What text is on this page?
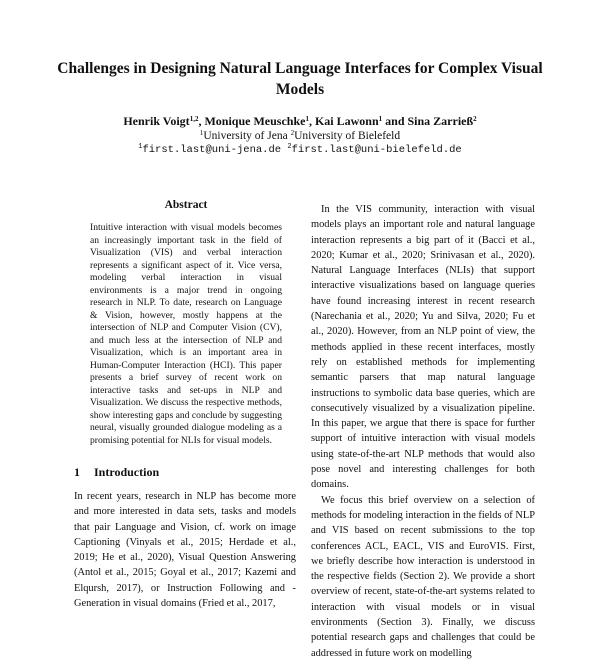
Challenges in Designing Natural Language Interfaces for Complex Visual Models
Henrik Voigt$^{1,2}$, Monique Meuschke$^1$, Kai Lawonn$^1$ and Sina Zarrieß$^2$
$^1$University of Jena $^2$University of Bielefeld
$^1$first.last@uni-jena.de $^2$first.last@uni-bielefeld.de
Abstract
Intuitive interaction with visual models becomes an increasingly important task in the field of Visualization (VIS) and verbal interaction represents a significant aspect of it. Vice versa, modeling verbal interaction in visual environments is a major trend in ongoing research in NLP. To date, research on Language & Vision, however, mostly happens at the intersection of NLP and Computer Vision (CV), and much less at the intersection of NLP and Visualization, which is an important area in Human-Computer Interaction (HCI). This paper presents a brief survey of recent work on interactive tasks and set-ups in NLP and Visualization. We discuss the respective methods, show interesting gaps and conclude by suggesting neural, visually grounded dialogue modeling as a promising potential for NLIs for visual models.
1 Introduction

In recent years, research in NLP has become more and more interested in data sets, tasks and models that pair Language and Vision, cf. work on image Captioning (Vinyals et al., 2015; Herdade et al., 2019; He et al., 2020), Visual Question Answering (Antol et al., 2015; Goyal et al., 2017; Kazemi and Elqursh, 2017), or Instruction Following and -Generation in visual domains (Fried et al., 2017,

In the VIS community, interaction with visual models plays an important role and natural language interaction represents a big part of it (Bacci et al., 2020; Kumar et al., 2020; Srinivasan et al., 2020). Natural Language Interfaces (NLIs) that support interactive visualizations based on language queries have found increasing interest in recent research (Narechania et al., 2020; Yu and Silva, 2020; Fu et al., 2020). However, from an NLP point of view, the methods applied in these recent interfaces, mostly rely on established methods for implementing semantic parsers that map natural language instructions to symbolic data base queries, which are consecutively visualized by a visualization pipeline. In this paper, we argue that there is space for further support of intuitive interaction with visual models using state-of-the-art NLP methods that would also pose novel and interesting challenges for both domains.

We focus this brief overview on a selection of methods for modeling interaction in the fields of NLP and VIS based on recent submissions to the top conferences ACL, EACL, VIS and EuroVIS. First, we briefly describe how interaction is understood in the respective fields (Section 2). We provide a short overview of recent, state-of-the-art systems related to interaction with visual models or in visual environments (Section 3). Finally, we discuss potential research gaps and challenges that could be addressed in future work on modelling
